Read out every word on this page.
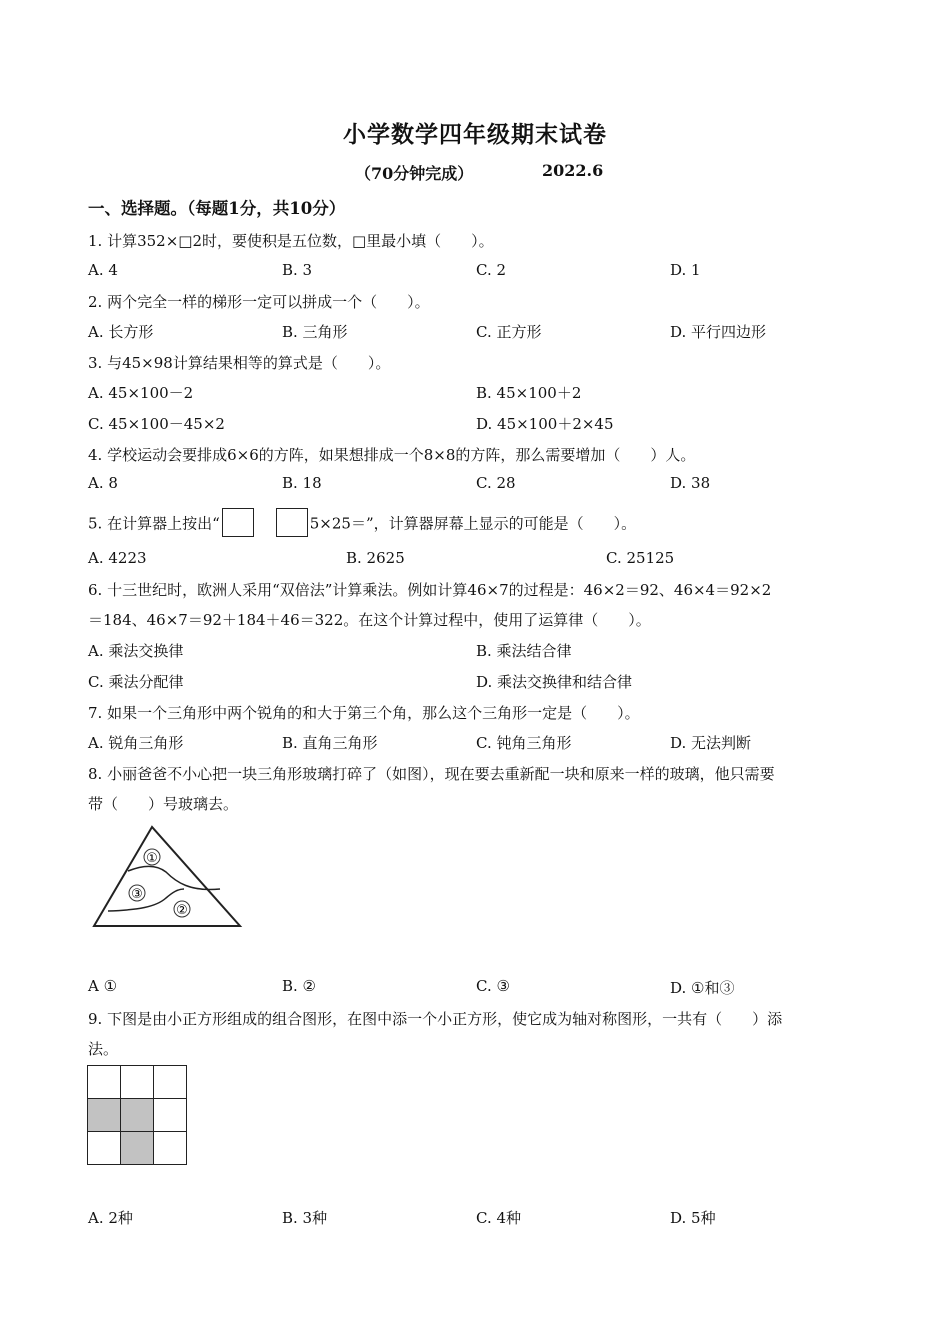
小学数学四年级期末试卷
（70分钟完成）	2022.6
一、选择题。（每题1分，共10分）
1. 计算352×□2时，要使积是五位数，□里最小填（　　）。
A. 4	B. 3	C. 2	D. 1
2. 两个完全一样的梯形一定可以拼成一个（　　）。
A. 长方形	B. 三角形	C. 正方形	D. 平行四边形
3. 与45×98计算结果相等的算式是（　　）。
A. 45×100－2	B. 45×100＋2
C. 45×100－45×2	D. 45×100＋2×45
4. 学校运动会要排成6×6的方阵，如果想排成一个8×8的方阵，那么需要增加（　　）人。
A. 8	B. 18	C. 28	D. 38
5. 在计算器上按出“	5×25＝”，计算器屏幕上显示的可能是（　　）。
A. 4223	B. 2625	C. 25125
6. 十三世纪时，欧洲人采用“双倍法”计算乘法。例如计算46×7的过程是：46×2＝92、46×4＝92×2
＝184、46×7＝92＋184＋46＝322。在这个计算过程中，使用了运算律（　　）。
A. 乘法交换律	B. 乘法结合律
C. 乘法分配律	D. 乘法交换律和结合律
7. 如果一个三角形中两个锐角的和大于第三个角，那么这个三角形一定是（　　）。
A. 锐角三角形	B. 直角三角形	C. 钝角三角形	D. 无法判断
8. 小丽爸爸不小心把一块三角形玻璃打碎了（如图），现在要去重新配一块和原来一样的玻璃，他只需要
带（　　）号玻璃去。
①
②
③
A ①	B. ②	C. ③	D. ①和③
9. 下图是由小正方形组成的组合图形，在图中添一个小正方形，使它成为轴对称图形，一共有（　　）添
法。

A. 2种	B. 3种	C. 4种	D. 5种
